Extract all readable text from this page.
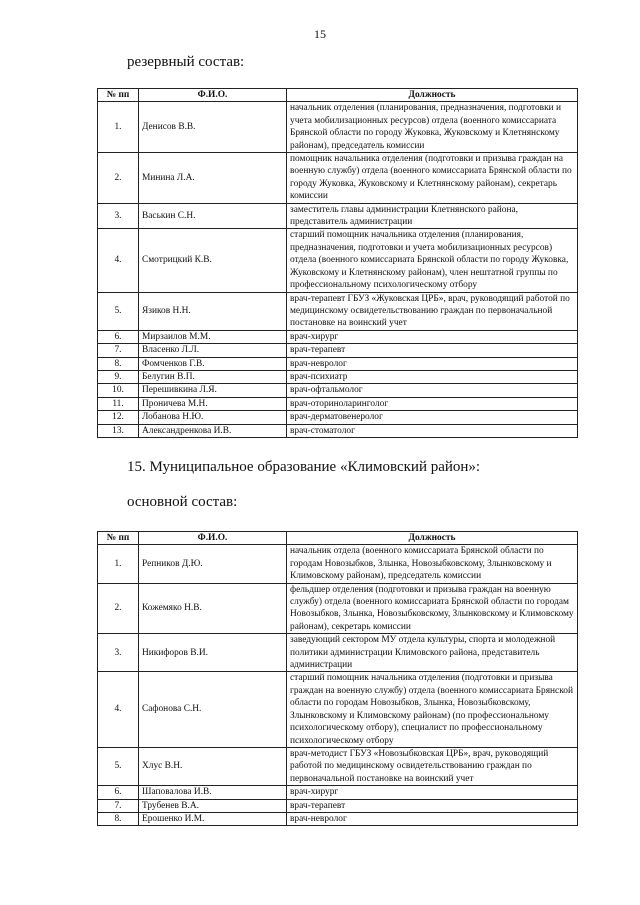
15
резервный состав:
№ пп	Ф.И.О.	Должность
1.	Денисов В.В.	начальник отделения (планирования, предназначения, подготовки и учета мобилизационных ресурсов) отдела (военного комиссариата Брянской области по городу Жуковка, Жуковскому и Клетнянскому районам), председатель комиссии
2.	Минина Л.А.	помощник начальника отделения (подготовки и призыва граждан на военную службу) отдела (военного комиссариата Брянской области по городу Жуковка, Жуковскому и Клетнянскому районам), секретарь комиссии
3.	Васькин С.Н.	заместитель главы администрации Клетнянского района, представитель администрации
4.	Смотрицкий К.В.	старший помощник начальника отделения (планирования, предназначения, подготовки и учета мобилизационных ресурсов) отдела (военного комиссариата Брянской области по городу Жуковка, Жуковскому и Клетнянскому районам), член нештатной группы по профессиональному психологическому отбору
5.	Язиков Н.Н.	врач-терапевт ГБУЗ «Жуковская ЦРБ», врач, руководящий работой по медицинскому освидетельствованию граждан по первоначальной постановке на воинский учет
6.	Мирзаилов М.М.	врач-хирург
7.	Власенко Л.Л.	врач-терапевт
8.	Фомченков Г.В.	врач-невролог
9.	Белугин В.П.	врач-психиатр
10.	Перешивкина Л.Я.	врач-офтальмолог
11.	Проничева М.Н.	врач-оториноларинголог
12.	Лобанова Н.Ю.	врач-дерматовенеролог
13.	Александренкова И.В.	врач-стоматолог
15. Муниципальное образование «Климовский район»:
основной состав:
№ пп	Ф.И.О.	Должность
1.	Репников Д.Ю.	начальник отдела (военного комиссариата Брянской области по городам Новозыбков, Злынка, Новозыбковскому, Злынковскому и Климовскому районам), председатель комиссии
2.	Кожемяко Н.В.	фельдшер отделения (подготовки и призыва граждан на военную службу) отдела (военного комиссариата Брянской области по городам Новозыбков, Злынка, Новозыбковскому, Злынковскому и Климовскому районам), секретарь комиссии
3.	Никифоров В.И.	заведующий сектором МУ отдела культуры, спорта и молодежной политики администрации Климовского района, представитель администрации
4.	Сафонова С.Н.	старший помощник начальника отделения (подготовки и призыва граждан на военную службу) отдела (военного комиссариата Брянской области по городам Новозыбков, Злынка, Новозыбковскому, Злынковскому и Климовскому районам) (по профессиональному психологическому отбору), специалист по профессиональному психологическому отбору
5.	Хлус В.Н.	врач-методист ГБУЗ «Новозыбковская ЦРБ», врач, руководящий работой по медицинскому освидетельствованию граждан по первоначальной постановке на воинский учет
6.	Шаповалова И.В.	врач-хирург
7.	Трубенев В.А.	врач-терапевт
8.	Ерошенко И.М.	врач-невролог
